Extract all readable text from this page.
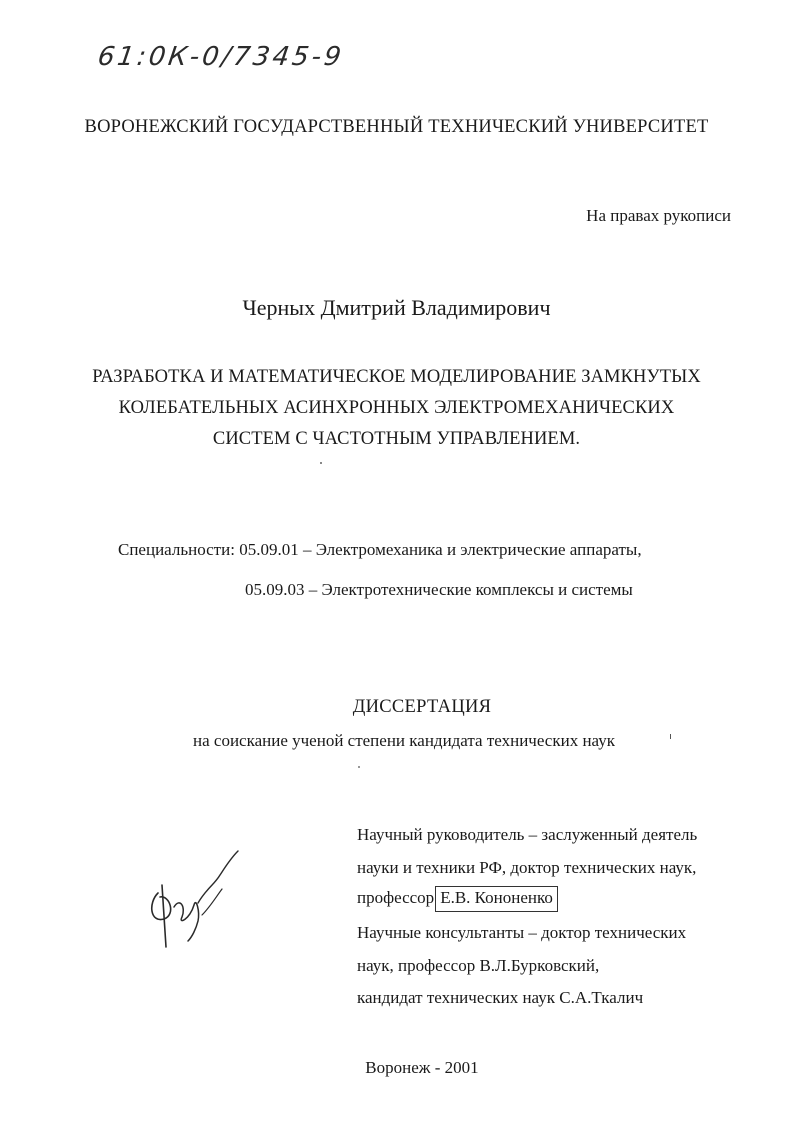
61:0К-0/7345-9
ВОРОНЕЖСКИЙ ГОСУДАРСТВЕННЫЙ ТЕХНИЧЕСКИЙ УНИВЕРСИТЕТ
На правах рукописи
Черных Дмитрий Владимирович
РАЗРАБОТКА И МАТЕМАТИЧЕСКОЕ МОДЕЛИРОВАНИЕ ЗАМКНУТЫХ
КОЛЕБАТЕЛЬНЫХ АСИНХРОННЫХ ЭЛЕКТРОМЕХАНИЧЕСКИХ
СИСТЕМ С ЧАСТОТНЫМ УПРАВЛЕНИЕМ.
Специальности: 05.09.01 – Электромеханика и электрические аппараты,
05.09.03 – Электротехнические комплексы и системы
ДИССЕРТАЦИЯ
на соискание ученой степени кандидата технических наук
Научный руководитель – заслуженный деятель
науки и техники РФ, доктор технических наук,
профессор Е.В. Кононенко
Научные консультанты – доктор технических
наук, профессор В.Л.Бурковский,
кандидат технических наук С.А.Ткалич
Воронеж - 2001
